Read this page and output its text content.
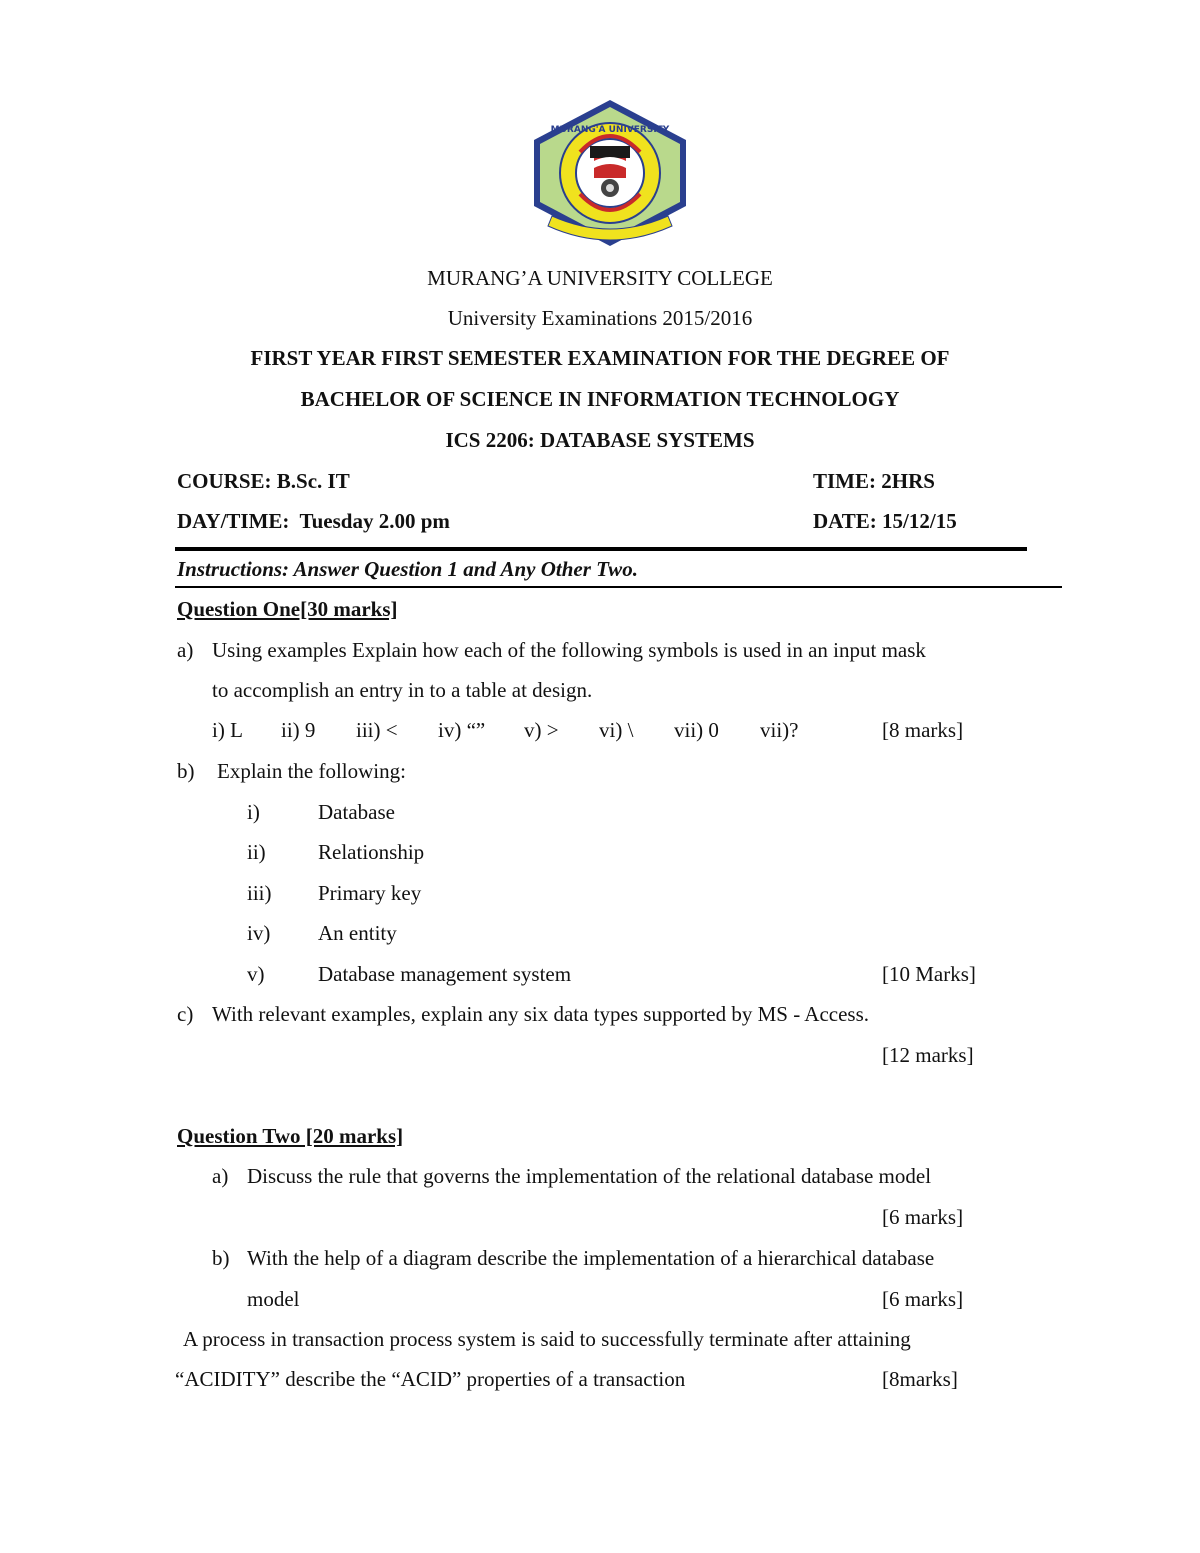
MURANG'A UNIVERSITY
MURANG’A UNIVERSITY COLLEGE
University Examinations 2015/2016
FIRST YEAR FIRST SEMESTER EXAMINATION FOR THE DEGREE OF
BACHELOR OF SCIENCE IN INFORMATION TECHNOLOGY
ICS 2206: DATABASE SYSTEMS
COURSE: B.Sc. IT	TIME: 2HRS
DAY/TIME:  Tuesday 2.00 pm	DATE: 15/12/15
Instructions: Answer Question 1 and Any Other Two.
Question One[30 marks]
a) Using examples Explain how each of the following symbols is used in an input mask
to accomplish an entry in to a table at design.
i) L ii) 9 iii) < iv) “” v) > vi) \ vii) 0 vii)?	[8 marks]
b) Explain the following:
i)	Database
ii) Relationship
iii) Primary key
iv) An entity
v)	Database management system	[10 Marks]
c) With relevant examples, explain any six data types supported by MS - Access.
[12 marks]
Question Two [20 marks]
a) Discuss the rule that governs the implementation of the relational database model
[6 marks]
b) With the help of a diagram describe the implementation of a hierarchical database
model	[6 marks]
A process in transaction process system is said to successfully terminate after attaining
“ACIDITY” describe the “ACID” properties of a transaction	[8marks]
